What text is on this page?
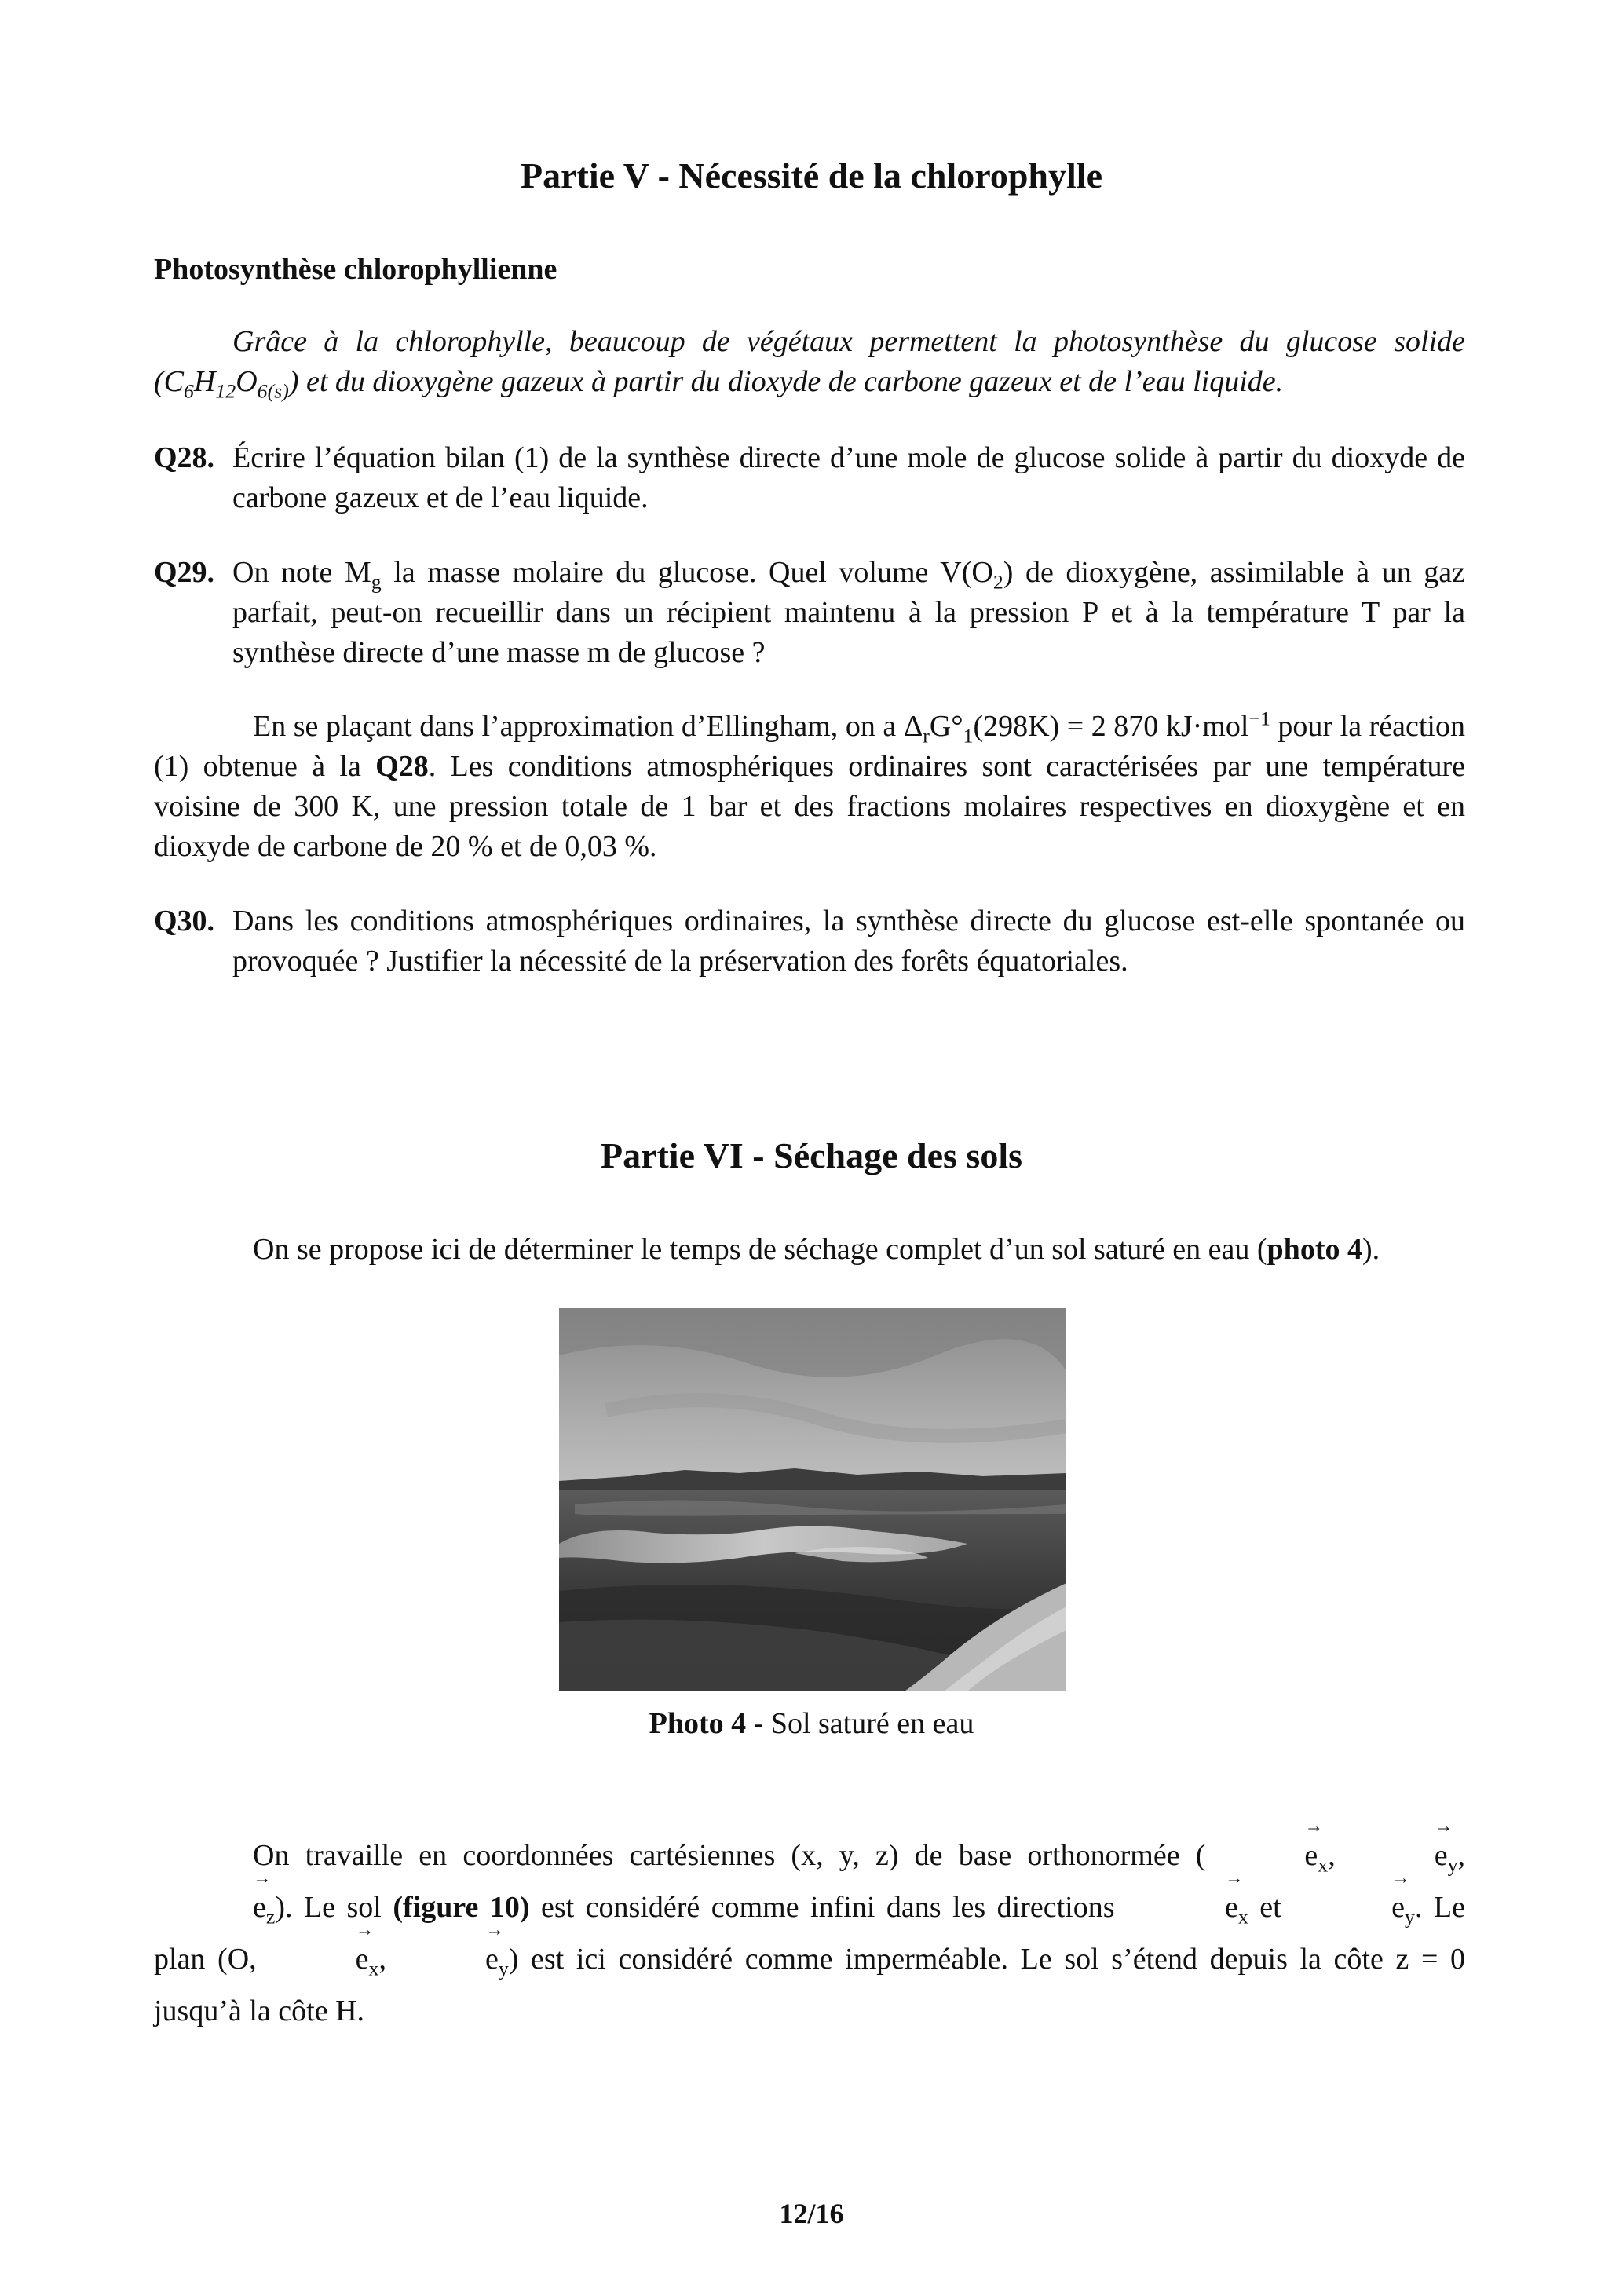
Partie V - Nécessité de la chlorophylle
Photosynthèse chlorophyllienne
Grâce à la chlorophylle, beaucoup de végétaux permettent la photosynthèse du glucose solide $(C_6H_{12}O_{6(s)})$ et du dioxygène gazeux à partir du dioxyde de carbone gazeux et de l’eau liquide.
Q28. Écrire l’équation bilan (1) de la synthèse directe d’une mole de glucose solide à partir du dioxyde de carbone gazeux et de l’eau liquide.
Q29. On note $M_g$ la masse molaire du glucose. Quel volume $V(O_2)$ de dioxygène, assimilable à un gaz parfait, peut-on recueillir dans un récipient maintenu à la pression P et à la température T par la synthèse directe d’une masse m de glucose ?
En se plaçant dans l’approximation d’Ellingham, on a $\Delta_rG^\circ_1(298K) = 2$ 870 kJ·mol$^{-1}$ pour la réaction (1) obtenue à la Q28. Les conditions atmosphériques ordinaires sont caractérisées par une température voisine de 300 K, une pression totale de 1 bar et des fractions molaires respectives en dioxygène et en dioxyde de carbone de 20 % et de 0,03 %.
Q30. Dans les conditions atmosphériques ordinaires, la synthèse directe du glucose est-elle spontanée ou provoquée ? Justifier la nécessité de la préservation des forêts équatoriales.
Partie VI - Séchage des sols
On se propose ici de déterminer le temps de séchage complet d’un sol saturé en eau (photo 4).
Photo 4 - Sol saturé en eau
On travaille en coordonnées cartésiennes (x, y, z) de base orthonormée (	→ $e_x$,	→ $e_y,\to e_z$). Le sol (figure 10) est considéré comme infini dans les directions	→ $e_x$ et	→ $e_y$. Le plan (O,	→ $e_x$,	→ $e_y$) est ici considéré comme imperméable. Le sol s’étend depuis la côte z = 0 jusqu’à la côte H.
12/16
